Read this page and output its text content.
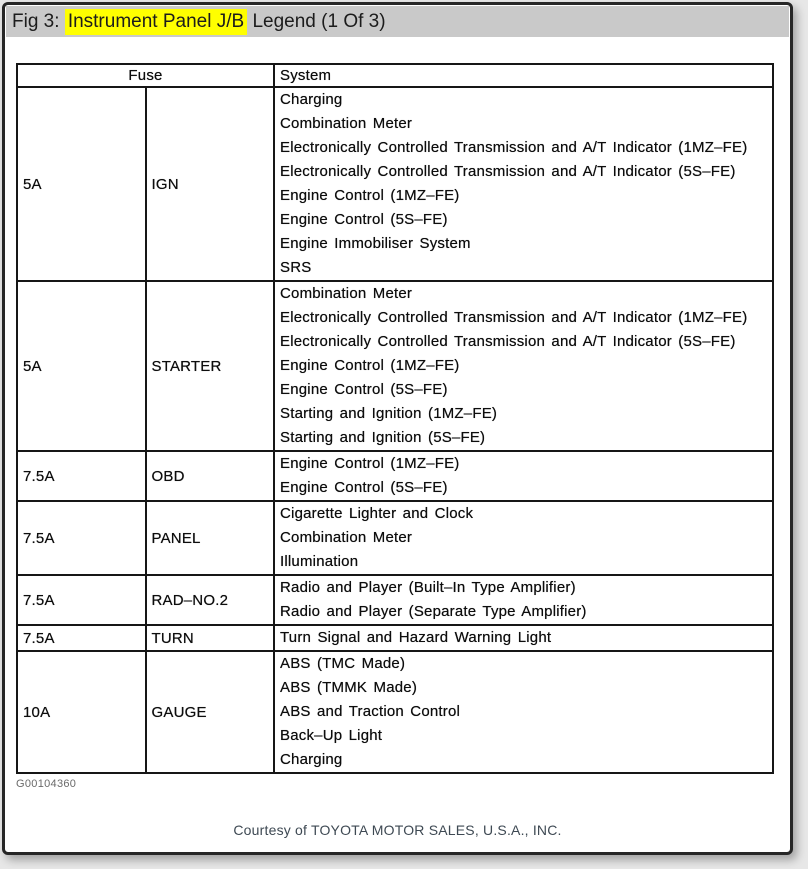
Fig 3: Instrument Panel J/B Legend (1 Of 3)
Fuse		System
5A	IGN	
Charging
Combination Meter
Electronically Controlled Transmission and A/T Indicator (1MZ–FE)
Electronically Controlled Transmission and A/T Indicator (5S–FE)
Engine Control (1MZ–FE)
Engine Control (5S–FE)
Engine Immobiliser System
SRS

5A	STARTER	
Combination Meter
Electronically Controlled Transmission and A/T Indicator (1MZ–FE)
Electronically Controlled Transmission and A/T Indicator (5S–FE)
Engine Control (1MZ–FE)
Engine Control (5S–FE)
Starting and Ignition (1MZ–FE)
Starting and Ignition (5S–FE)

7.5A	OBD	Engine Control (1MZ–FE)
Engine Control (5S–FE)

7.5A	PANEL	Cigarette Lighter and Clock
Combination Meter
Illumination

7.5A	RAD–NO.2	Radio and Player (Built–In Type Amplifier)
Radio and Player (Separate Type Amplifier)

7.5A	TURN	Turn Signal and Hazard Warning Light

10A	GAUGE	ABS (TMC Made)
ABS (TMMK Made)
ABS and Traction Control
Back–Up Light
Charging
G00104360
Courtesy of TOYOTA MOTOR SALES, U.S.A., INC.
